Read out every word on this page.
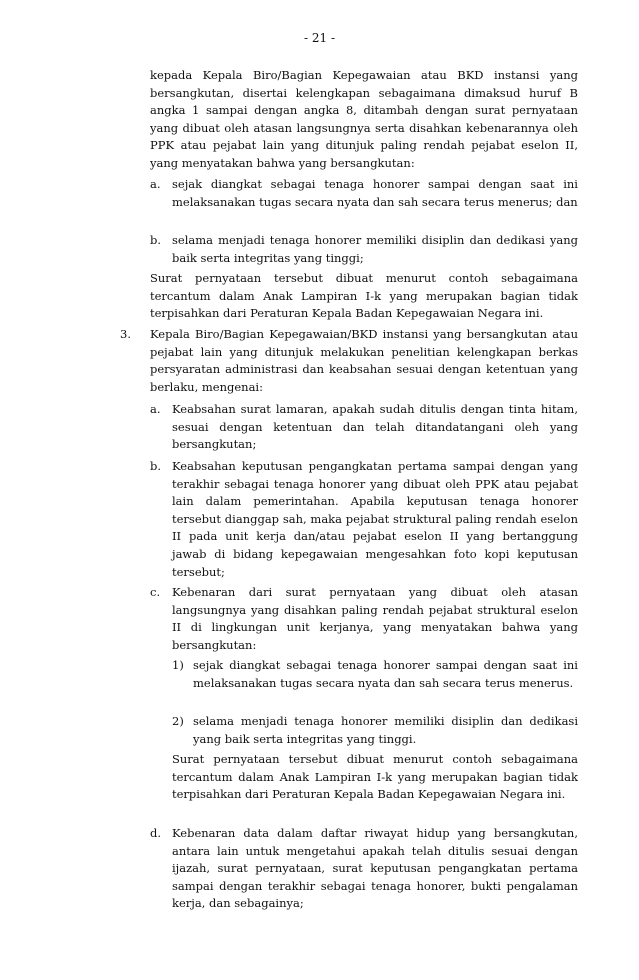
- 21 -

kepada Kepala Biro/Bagian Kepegawaian atau BKD instansi yang bersangkutan, disertai kelengkapan sebagaimana dimaksud huruf B angka 1 sampai dengan angka 8, ditambah dengan surat pernyataan yang dibuat oleh atasan langsungnya serta disahkan kebenarannya oleh PPK atau pejabat lain yang ditunjuk paling rendah pejabat eselon II, yang menyatakan bahwa yang bersangkutan:

a. sejak diangkat sebagai tenaga honorer sampai dengan saat ini melaksanakan tugas secara nyata dan sah secara terus menerus; dan

b. selama menjadi tenaga honorer memiliki disiplin dan dedikasi yang baik serta integritas yang tinggi;

Surat pernyataan tersebut dibuat menurut contoh sebagaimana tercantum dalam Anak Lampiran I-k yang merupakan bagian tidak terpisahkan dari Peraturan Kepala Badan Kepegawaian Negara ini.

3. Kepala Biro/Bagian Kepegawaian/BKD instansi yang bersangkutan atau pejabat lain yang ditunjuk melakukan penelitian kelengkapan berkas persyaratan administrasi dan keabsahan sesuai dengan ketentuan yang berlaku, mengenai:

a. Keabsahan surat lamaran, apakah sudah ditulis dengan tinta hitam, sesuai dengan ketentuan dan telah ditandatangani oleh yang bersangkutan;

b. Keabsahan keputusan pengangkatan pertama sampai dengan yang terakhir sebagai tenaga honorer yang dibuat oleh PPK atau pejabat lain dalam pemerintahan. Apabila keputusan tenaga honorer tersebut dianggap sah, maka pejabat struktural paling rendah eselon II pada unit kerja dan/atau pejabat eselon II yang bertanggung jawab di bidang kepegawaian mengesahkan foto kopi keputusan tersebut;

c. Kebenaran dari surat pernyataan yang dibuat oleh atasan langsungnya yang disahkan paling rendah pejabat struktural eselon II di lingkungan unit kerjanya, yang menyatakan bahwa yang bersangkutan:

1) sejak diangkat sebagai tenaga honorer sampai dengan saat ini melaksanakan tugas secara nyata dan sah secara terus menerus.

2) selama menjadi tenaga honorer memiliki disiplin dan dedikasi yang baik serta integritas yang tinggi.

Surat pernyataan tersebut dibuat menurut contoh sebagaimana tercantum dalam Anak Lampiran I-k yang merupakan bagian tidak terpisahkan dari Peraturan Kepala Badan Kepegawaian Negara ini.

d. Kebenaran data dalam daftar riwayat hidup yang bersangkutan, antara lain untuk mengetahui apakah telah ditulis sesuai dengan ijazah, surat pernyataan, surat keputusan pengangkatan pertama sampai dengan terakhir sebagai tenaga honorer, bukti pengalaman kerja, dan sebagainya;
